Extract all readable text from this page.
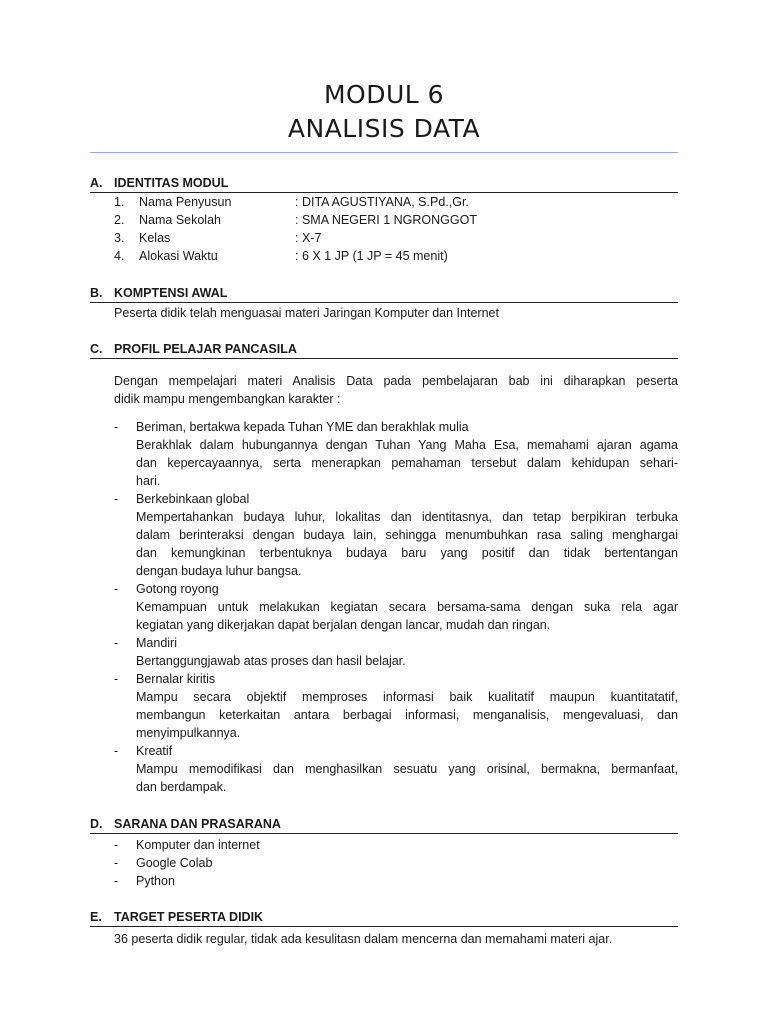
MODUL 6
ANALISIS DATA
A. IDENTITAS MODUL
1.	Nama Penyusun	: DITA AGUSTIYANA, S.Pd.,Gr.
2.	Nama Sekolah	: SMA NEGERI 1 NGRONGGOT
3.	Kelas	: X-7
4.	Alokasi Waktu	: 6 X 1 JP (1 JP = 45 menit)
B. KOMPTENSI AWAL
Peserta didik telah menguasai materi Jaringan Komputer dan Internet
C. PROFIL PELAJAR PANCASILA
Dengan mempelajari materi Analisis Data pada pembelajaran bab ini diharapkan peserta
didik mampu mengembangkan karakter :
-	Beriman, bertakwa kepada Tuhan YME dan berakhlak mulia
Berakhlak dalam hubungannya dengan Tuhan Yang Maha Esa, memahami ajaran agama
dan kepercayaannya, serta menerapkan pemahaman tersebut dalam kehidupan sehari-
hari.
-	Berkebinkaan global
Mempertahankan budaya luhur, lokalitas dan identitasnya, dan tetap berpikiran terbuka
dalam berinteraksi dengan budaya lain, sehingga menumbuhkan rasa saling menghargai
dan kemungkinan terbentuknya budaya baru yang positif dan tidak bertentangan
dengan budaya luhur bangsa.
-	Gotong royong
Kemampuan untuk melakukan kegiatan secara bersama-sama dengan suka rela agar
kegiatan yang dikerjakan dapat berjalan dengan lancar, mudah dan ringan.
-	Mandiri
Bertanggungjawab atas proses dan hasil belajar.
-	Bernalar kiritis
Mampu secara objektif memproses informasi baik kualitatif maupun kuantitatatif,
membangun keterkaitan antara berbagai informasi, menganalisis, mengevaluasi, dan
menyimpulkannya.
-	Kreatif
Mampu memodifikasi dan menghasilkan sesuatu yang orisinal, bermakna, bermanfaat,
dan berdampak.
D. SARANA DAN PRASARANA
-	Komputer dan internet
-	Google Colab
-	Python
E. TARGET PESERTA DIDIK
36 peserta didik regular, tidak ada kesulitasn dalam mencerna dan memahami materi ajar.
